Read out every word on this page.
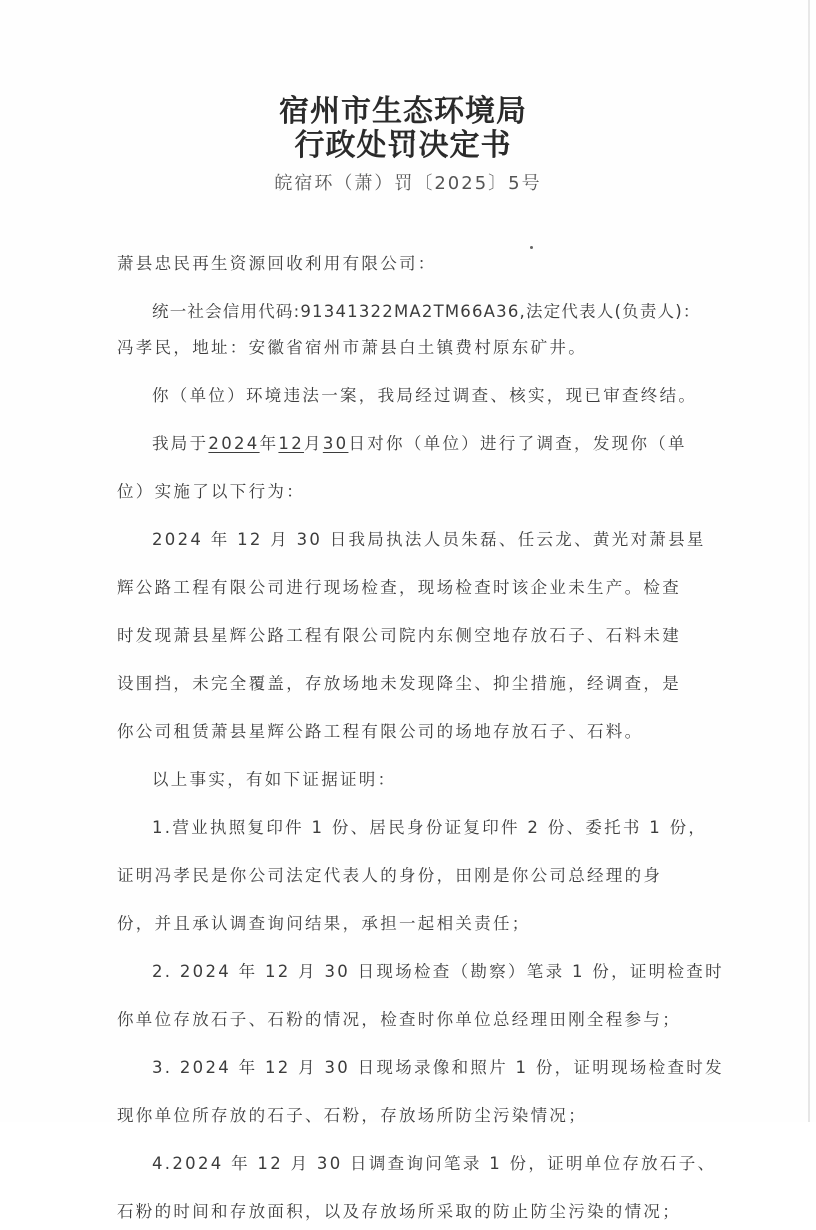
宿州市生态环境局
行政处罚决定书
皖宿环（萧）罚〔2025〕5号
萧县忠民再生资源回收利用有限公司：
统一社会信用代码:91341322MA2TM66A36,法定代表人(负责人)：
冯孝民，地址：安徽省宿州市萧县白土镇费村原东矿井。
你（单位）环境违法一案，我局经过调查、核实，现已审查终结。
我局于2024年12月30日对你（单位）进行了调查，发现你（单
位）实施了以下行为：
2024 年 12 月 30 日我局执法人员朱磊、任云龙、黄光对萧县星
辉公路工程有限公司进行现场检查，现场检查时该企业未生产。检查
时发现萧县星辉公路工程有限公司院内东侧空地存放石子、石料未建
设围挡，未完全覆盖，存放场地未发现降尘、抑尘措施，经调查，是
你公司租赁萧县星辉公路工程有限公司的场地存放石子、石料。
以上事实，有如下证据证明：
1.营业执照复印件 1 份、居民身份证复印件 2 份、委托书 1 份，
证明冯孝民是你公司法定代表人的身份，田刚是你公司总经理的身
份，并且承认调查询问结果，承担一起相关责任；
2. 2024 年 12 月 30 日现场检查（勘察）笔录 1 份，证明检查时
你单位存放石子、石粉的情况，检查时你单位总经理田刚全程参与；
3. 2024 年 12 月 30 日现场录像和照片 1 份，证明现场检查时发
现你单位所存放的石子、石粉，存放场所防尘污染情况；
4.2024 年 12 月 30 日调查询问笔录 1 份，证明单位存放石子、
石粉的时间和存放面积，以及存放场所采取的防止防尘污染的情况；
